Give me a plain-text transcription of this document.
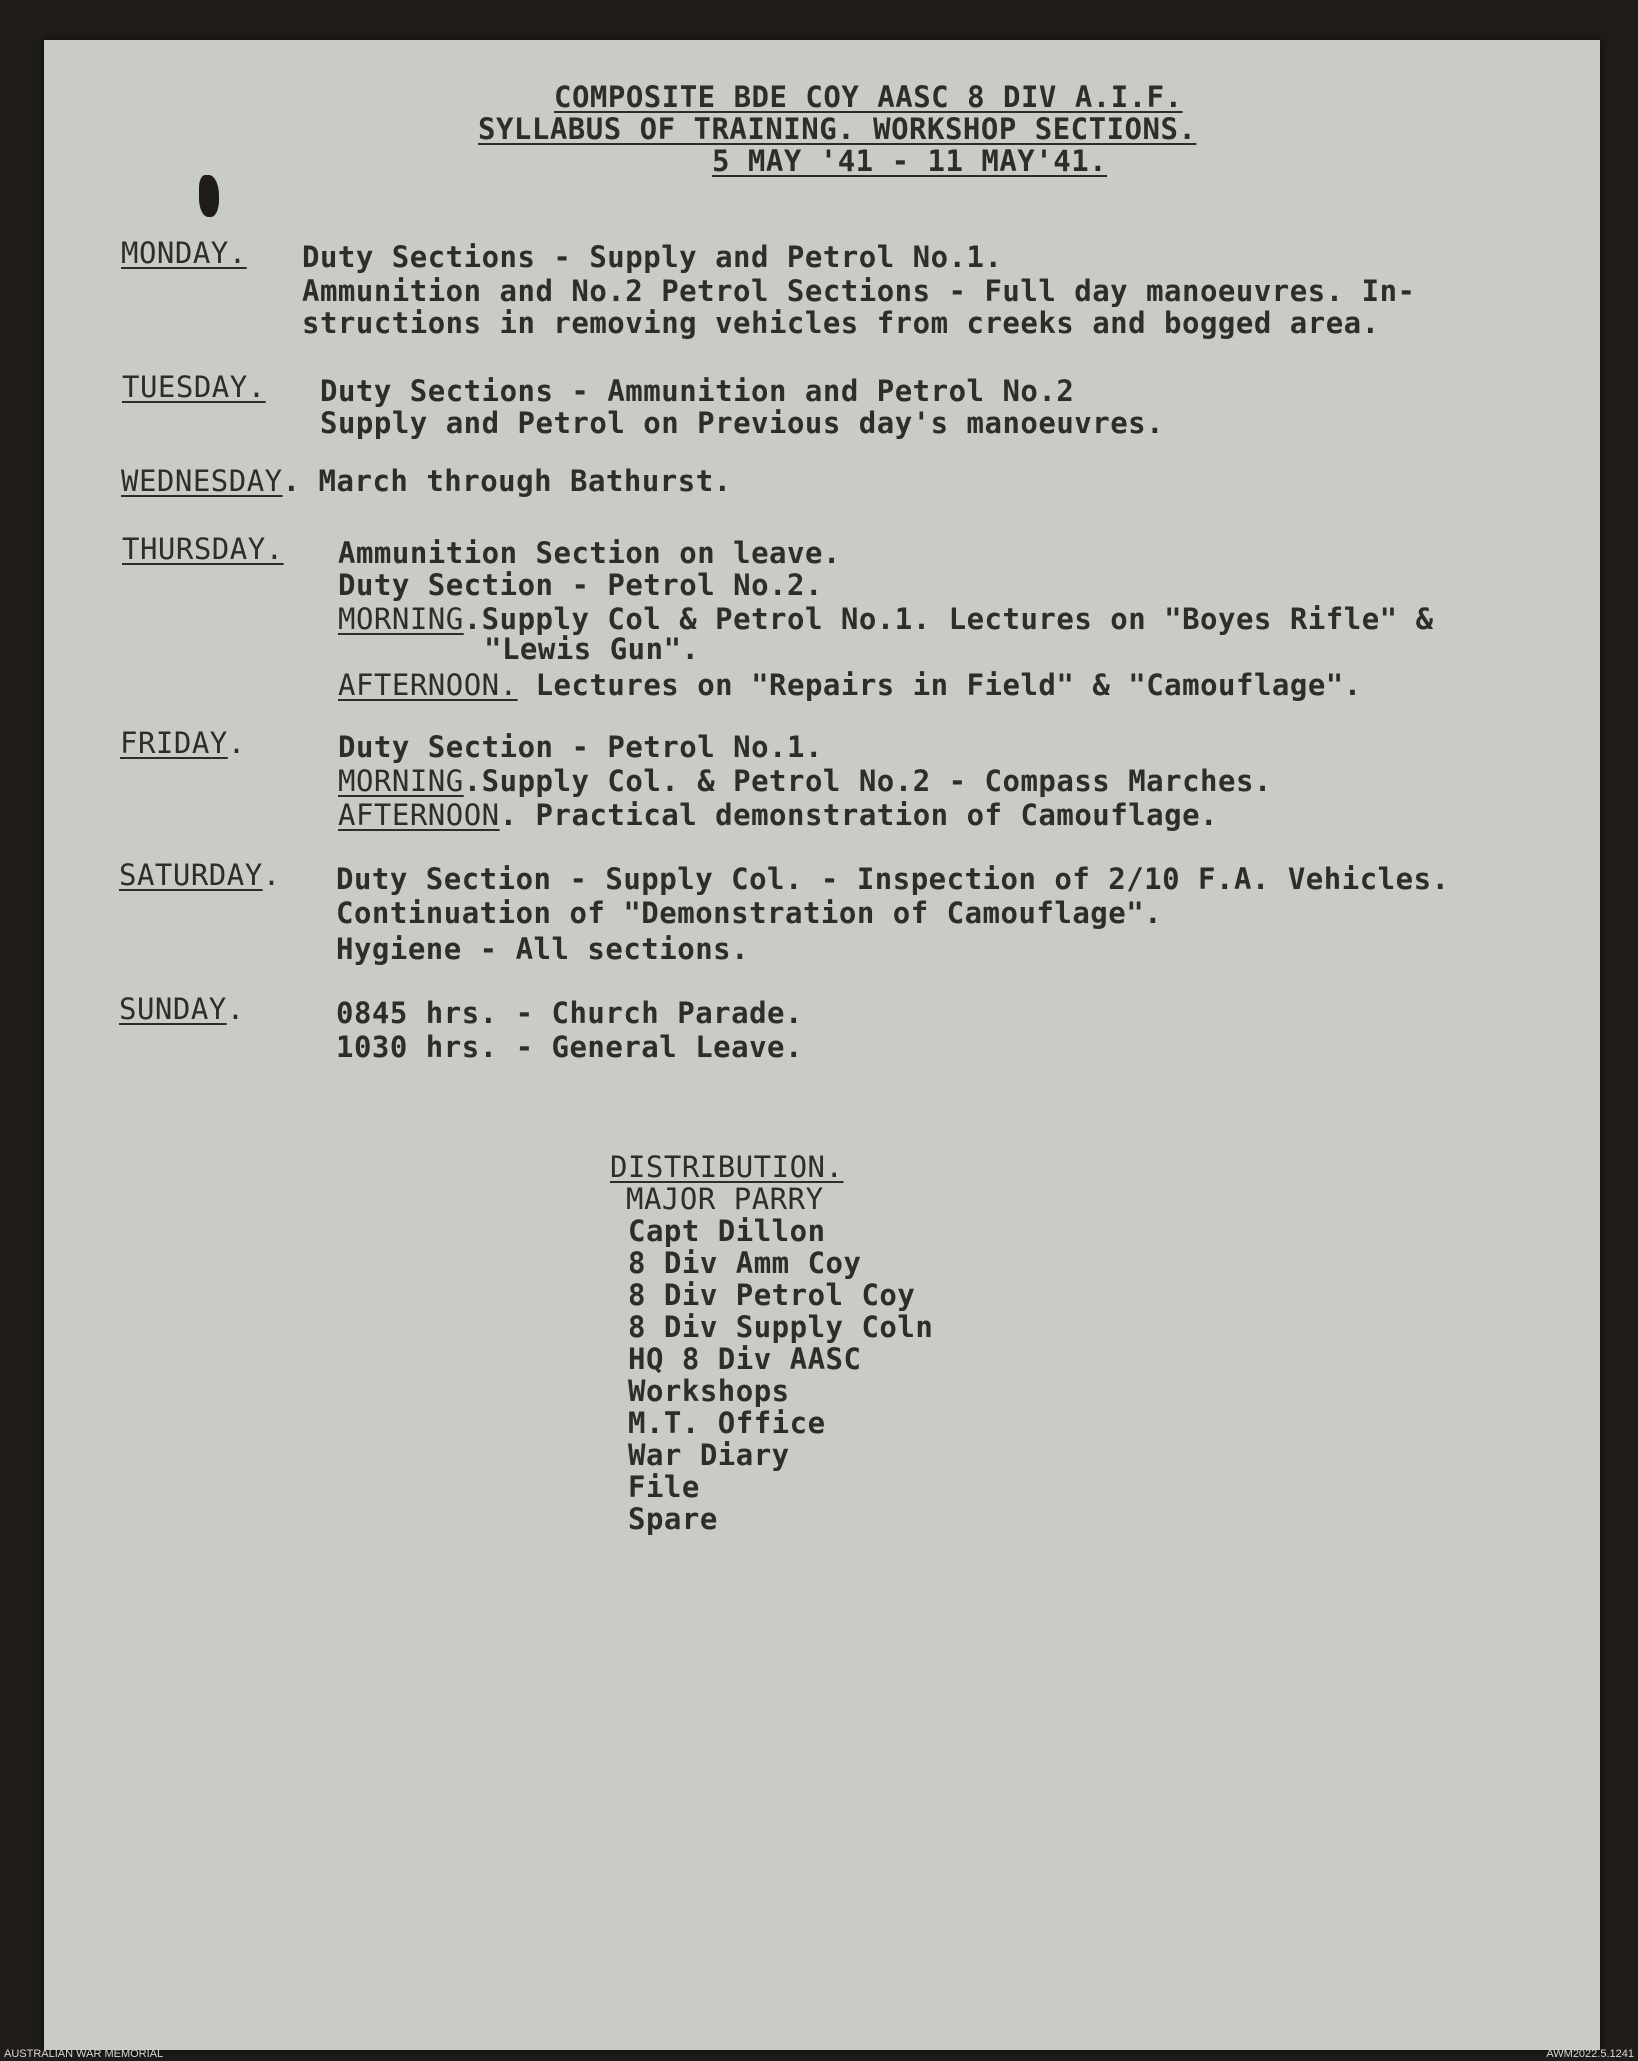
COMPOSITE BDE COY AASC 8 DIV A.I.F.
SYLLABUS OF TRAINING. WORKSHOP SECTIONS.
5 MAY '41 - 11 MAY'41.
MONDAY. Duty Sections - Supply and Petrol No.1.
Ammunition and No.2 Petrol Sections - Full day manoeuvres. In-
structions in removing vehicles from creeks and bogged area.
TUESDAY. Duty Sections - Ammunition and Petrol No.2
Supply and Petrol on Previous day's manoeuvres.
WEDNESDAY. March through Bathurst.
THURSDAY. Ammunition Section on leave.
Duty Section - Petrol No.2.
MORNING.Supply Col & Petrol No.1. Lectures on "Boyes Rifle" &
"Lewis Gun".
AFTERNOON. Lectures on "Repairs in Field" & "Camouflage".
FRIDAY.	Duty Section - Petrol No.1.
MORNING.Supply Col. & Petrol No.2 - Compass Marches.
AFTERNOON. Practical demonstration of Camouflage.
SATURDAY. Duty Section - Supply Col. - Inspection of 2/10 F.A. Vehicles.
Continuation of "Demonstration of Camouflage".
Hygiene - All sections.
SUNDAY.	0845 hrs. - Church Parade.
1030 hrs. - General Leave.
DISTRIBUTION.
MAJOR PARRY
Capt Dillon
8 Div Amm Coy
8 Div Petrol Coy
8 Div Supply Coln
HQ 8 Div AASC
Workshops
M.T. Office
War Diary
File
Spare
AUSTRALIAN WAR MEMORIAL	AWM2022.5.1241
